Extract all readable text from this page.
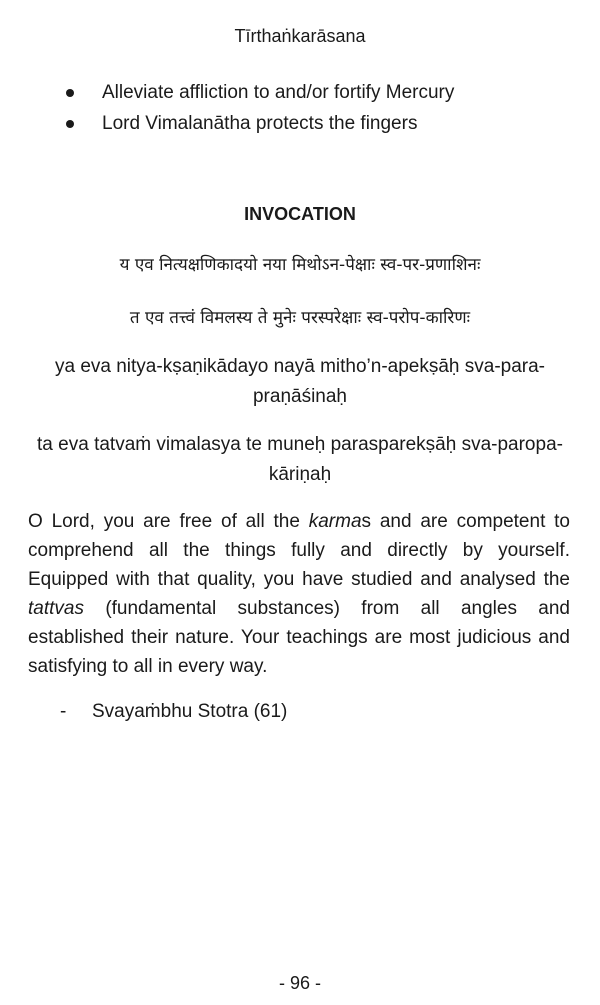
Tīrthaṅkarāsana
Alleviate affliction to and/or fortify Mercury
Lord Vimalanātha protects the fingers
INVOCATION
य एव नित्यक्षणिकादयो नया मिथोऽन-पेक्षाः स्व-पर-प्रणाशिनः
त एव तत्त्वं विमलस्य ते मुनेः परस्परेक्षाः स्व-परोप-कारिणः
ya eva nitya-kṣaṇikādayo nayā mitho’n-apekṣāḥ sva-para-
praṇāśinaḥ
ta eva tatvaṁ vimalasya te muneḥ parasparekṣāḥ sva-paropa-
kāriṇaḥ

O Lord, you are free of all the karmas and are competent to comprehend all the things fully and directly by yourself. Equipped with that quality, you have studied and analysed the tattvas (fundamental substances) from all angles and established their nature. Your teachings are most judicious and satisfying to all in every way.

- Svayaṁbhu Stotra (61)
- 96 -
